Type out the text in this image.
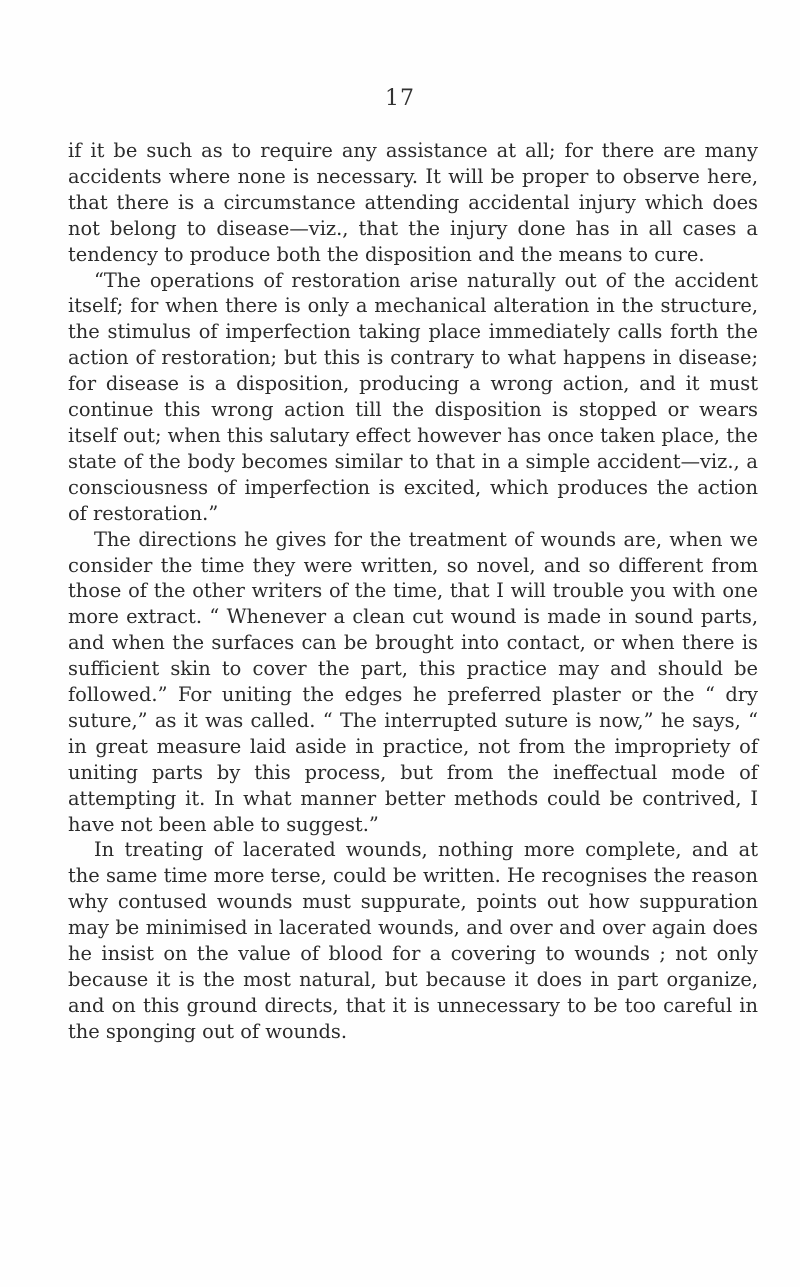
17

if it be such as to require any assistance at all; for there are many accidents where none is necessary. It will be proper to observe here, that there is a circumstance attending accidental injury which does not belong to disease—viz., that the injury done has in all cases a tendency to produce both the disposition and the means to cure.

“The operations of restoration arise naturally out of the accident itself; for when there is only a mechanical alteration in the structure, the stimulus of imperfection taking place immediately calls forth the action of restoration; but this is contrary to what happens in disease; for disease is a disposition, producing a wrong action, and it must continue this wrong action till the disposition is stopped or wears itself out; when this salutary effect however has once taken place, the state of the body becomes similar to that in a simple accident—viz., a consciousness of imperfection is excited, which produces the action of restoration.”

The directions he gives for the treatment of wounds are, when we consider the time they were written, so novel, and so different from those of the other writers of the time, that I will trouble you with one more extract. “ Whenever a clean cut wound is made in sound parts, and when the surfaces can be brought into contact, or when there is sufficient skin to cover the part, this practice may and should be followed.” For uniting the edges he preferred plaster or the “ dry suture,” as it was called. “ The interrupted suture is now,” he says, “ in great measure laid aside in practice, not from the impropriety of uniting parts by this process, but from the ineffectual mode of attempting it. In what manner better methods could be contrived, I have not been able to suggest.”

In treating of lacerated wounds, nothing more complete, and at the same time more terse, could be written. He recognises the reason why contused wounds must suppurate, points out how suppuration may be minimised in lacerated wounds, and over and over again does he insist on the value of blood for a covering to wounds ; not only because it is the most natural, but because it does in part organize, and on this ground directs, that it is unnecessary to be too careful in the sponging out of wounds.
